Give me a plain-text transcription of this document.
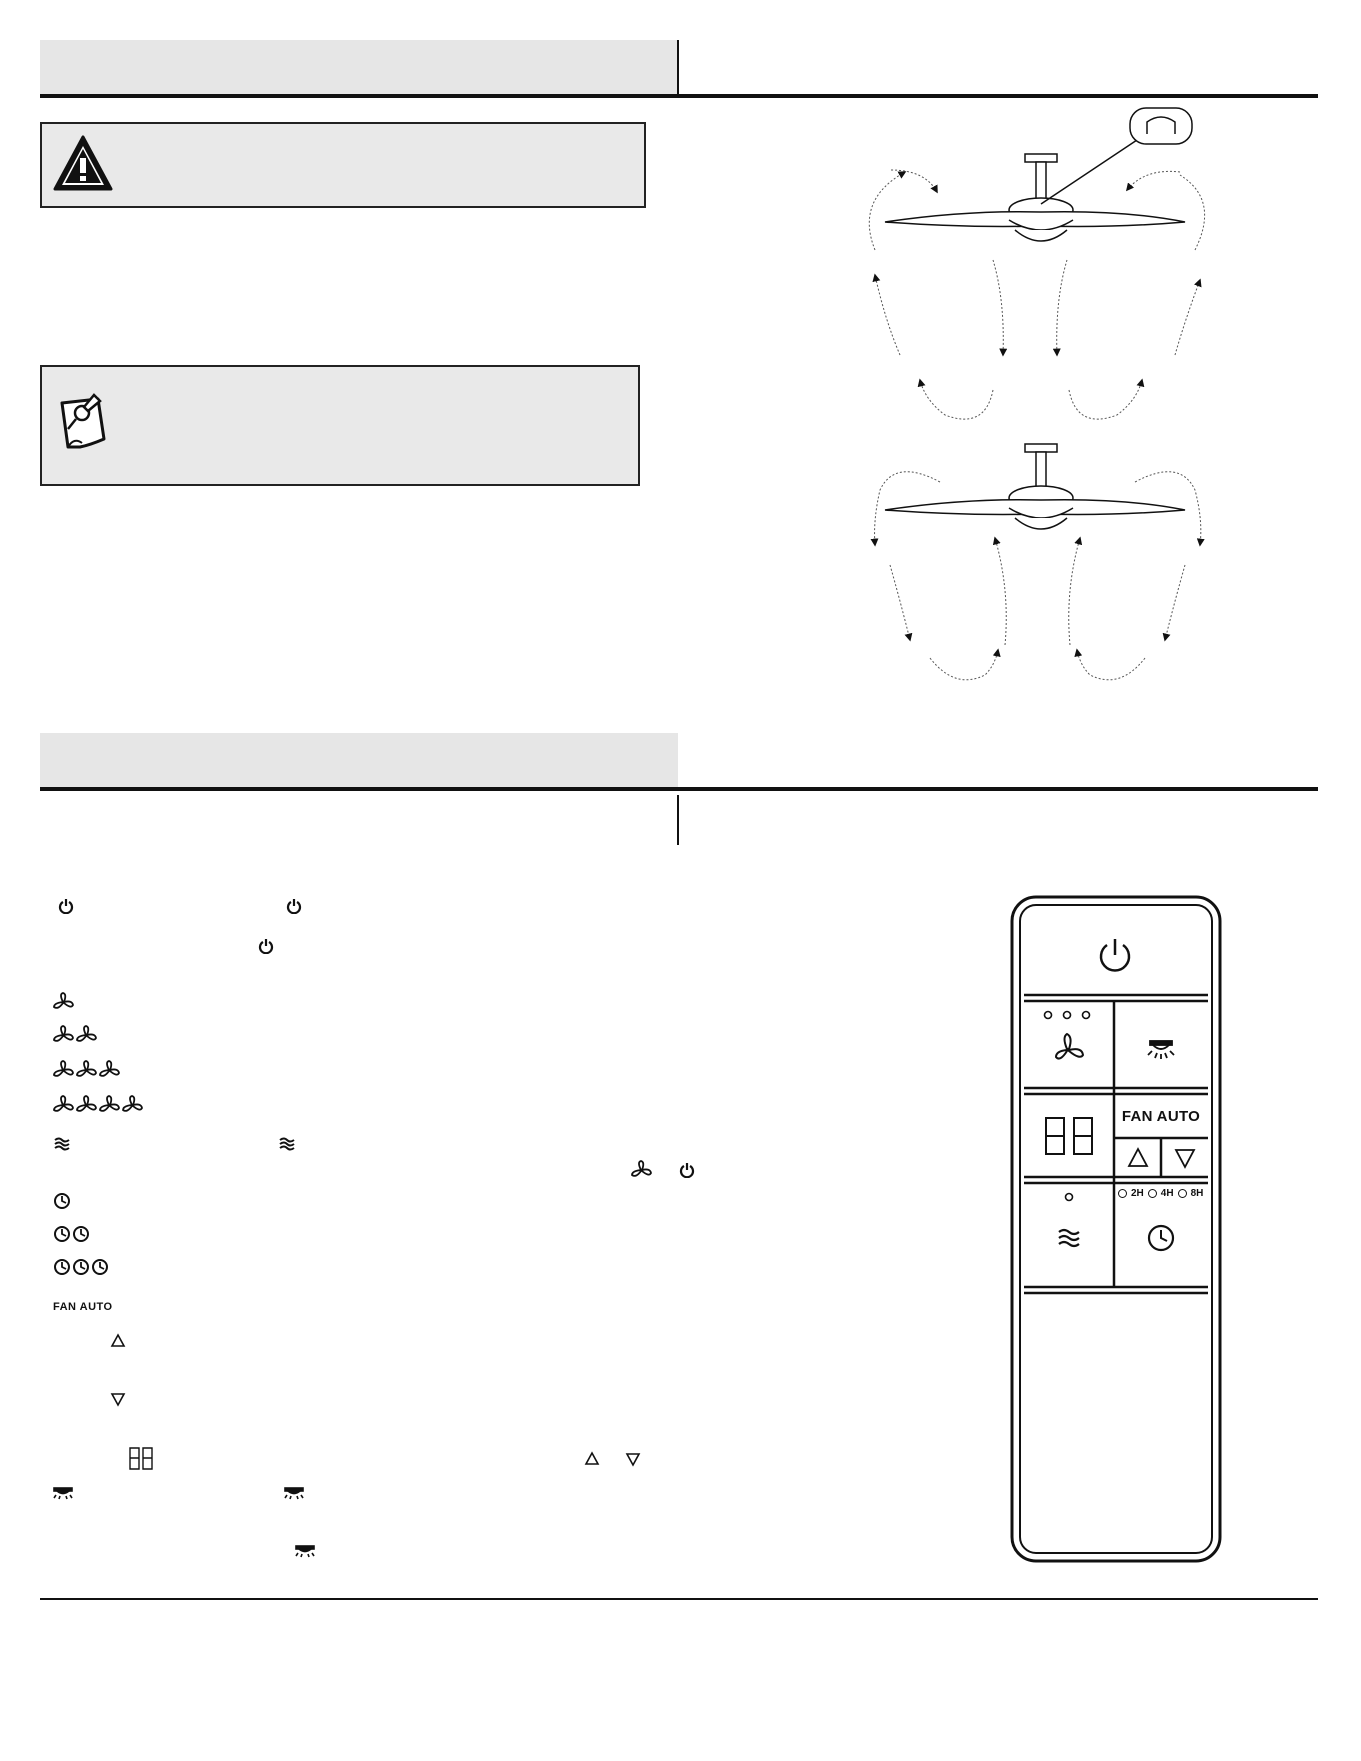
FAN AUTO
FAN AUTO
2H 4H 8H
